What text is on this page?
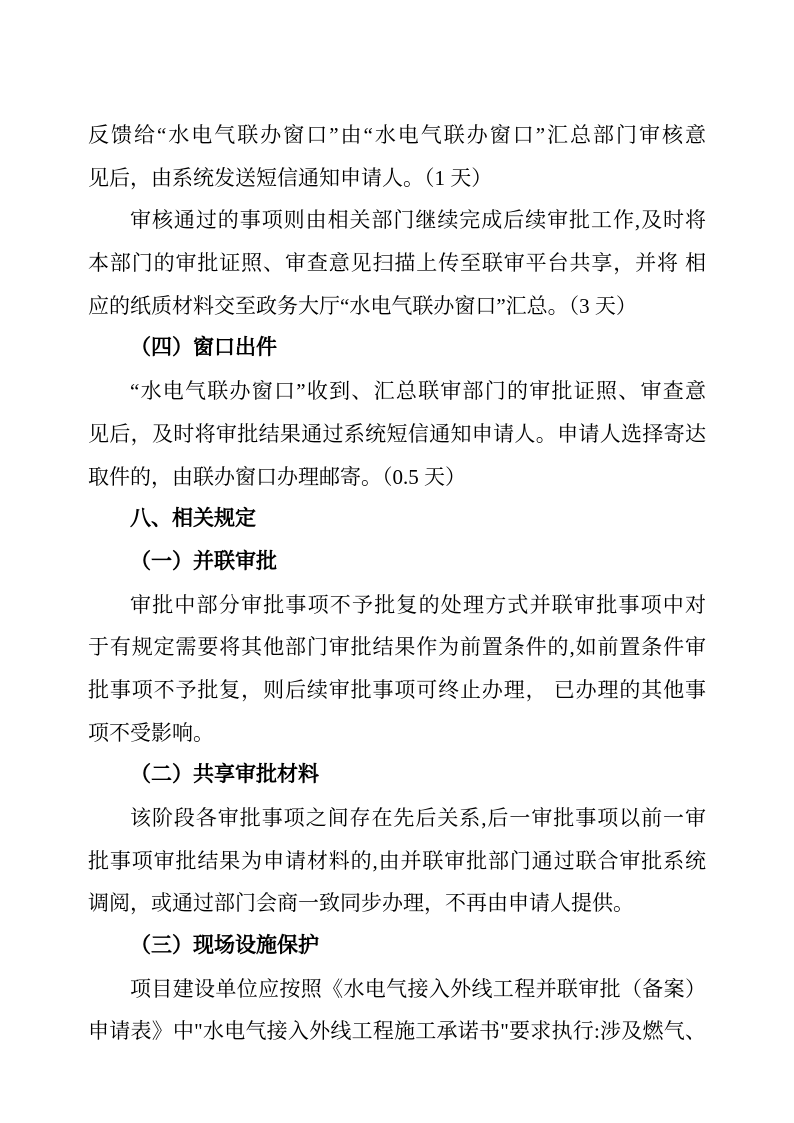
反馈给“水电气联办窗口”由“水电气联办窗口”汇总部门审核意
见后，由系统发送短信通知申请人。（1 天）
审核通过的事项则由相关部门继续完成后续审批工作,及时将
本部门的审批证照、审查意见扫描上传至联审平台共享，并将 相
应的纸质材料交至政务大厅“水电气联办窗口”汇总。（3 天）
（四）窗口出件
“水电气联办窗口”收到、汇总联审部门的审批证照、审查意
见后，及时将审批结果通过系统短信通知申请人。申请人选择寄达
取件的，由联办窗口办理邮寄。（0.5 天）
八、相关规定
（一）并联审批
审批中部分审批事项不予批复的处理方式并联审批事项中对
于有规定需要将其他部门审批结果作为前置条件的,如前置条件审
批事项不予批复，则后续审批事项可终止办理， 已办理的其他事
项不受影响。
（二）共享审批材料
该阶段各审批事项之间存在先后关系,后一审批事项以前一审
批事项审批结果为申请材料的,由并联审批部门通过联合审批系统
调阅，或通过部门会商一致同步办理，不再由申请人提供。
（三）现场设施保护
项目建设单位应按照《水电气接入外线工程并联审批（备案）
申请表》中"水电气接入外线工程施工承诺书"要求执行:涉及燃气、
